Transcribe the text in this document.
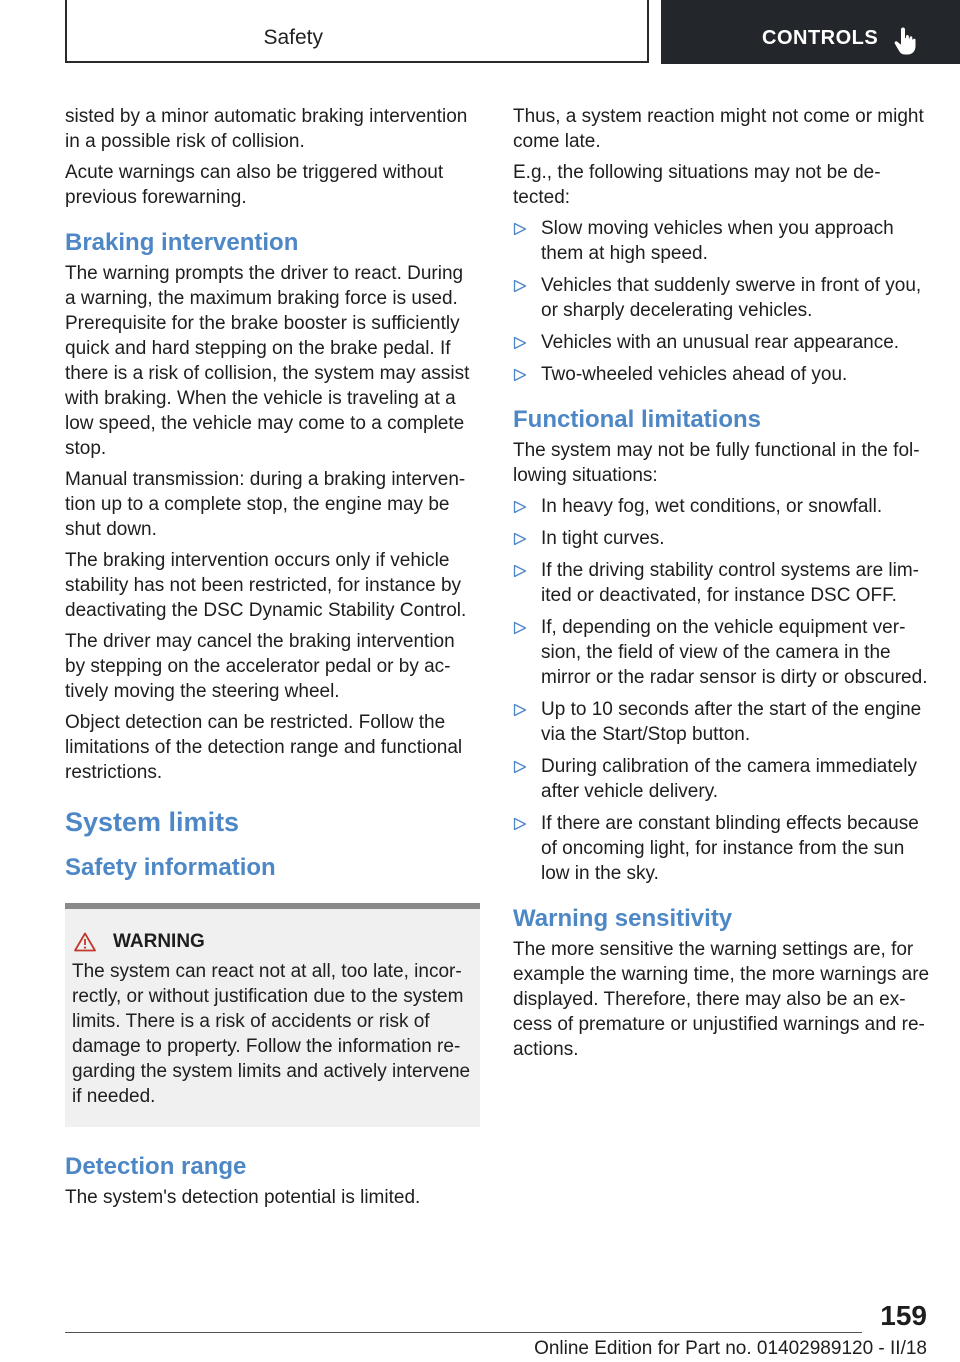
Safety	CONTROLS

sisted by a minor automatic braking intervention in a possible risk of collision.

Acute warnings can also be triggered without previous forewarning.

Braking intervention

The warning prompts the driver to react. During a warning, the maximum braking force is used. Prerequisite for the brake booster is sufficiently quick and hard stepping on the brake pedal. If there is a risk of collision, the system may assist with braking. When the vehicle is traveling at a low speed, the vehicle may come to a complete stop.

Manual transmission: during a braking interven‐tion up to a complete stop, the engine may be shut down.

The braking intervention occurs only if vehicle stability has not been restricted, for instance by deactivating the DSC Dynamic Stability Control.

The driver may cancel the braking intervention by stepping on the accelerator pedal or by ac‐tively moving the steering wheel.

Object detection can be restricted. Follow the limitations of the detection range and functional restrictions.

System limits
Safety information
WARNING
The system can react not at all, too late, incor‐rectly, or without justification due to the system limits. There is a risk of accidents or risk of damage to property. Follow the information re‐garding the system limits and actively intervene if needed.
Detection range

The system's detection potential is limited.

Thus, a system reaction might not come or might come late.

E.g., the following situations may not be de‐tected:

Slow moving vehicles when you approach them at high speed.
Vehicles that suddenly swerve in front of you, or sharply decelerating vehicles.
Vehicles with an unusual rear appearance.
Two-wheeled vehicles ahead of you.
Functional limitations

The system may not be fully functional in the fol‐lowing situations:

In heavy fog, wet conditions, or snowfall.
In tight curves.
If the driving stability control systems are lim‐ited or deactivated, for instance DSC OFF.
If, depending on the vehicle equipment ver‐sion, the field of view of the camera in the mirror or the radar sensor is dirty or obscured.
Up to 10 seconds after the start of the engine via the Start/Stop button.
During calibration of the camera immediately after vehicle delivery.
If there are constant blinding effects because of oncoming light, for instance from the sun low in the sky.
Warning sensitivity

The more sensitive the warning settings are, for example the warning time, the more warnings are displayed. Therefore, there may also be an ex‐cess of premature or unjustified warnings and re‐actions.

159
Online Edition for Part no. 01402989120 - II/18
